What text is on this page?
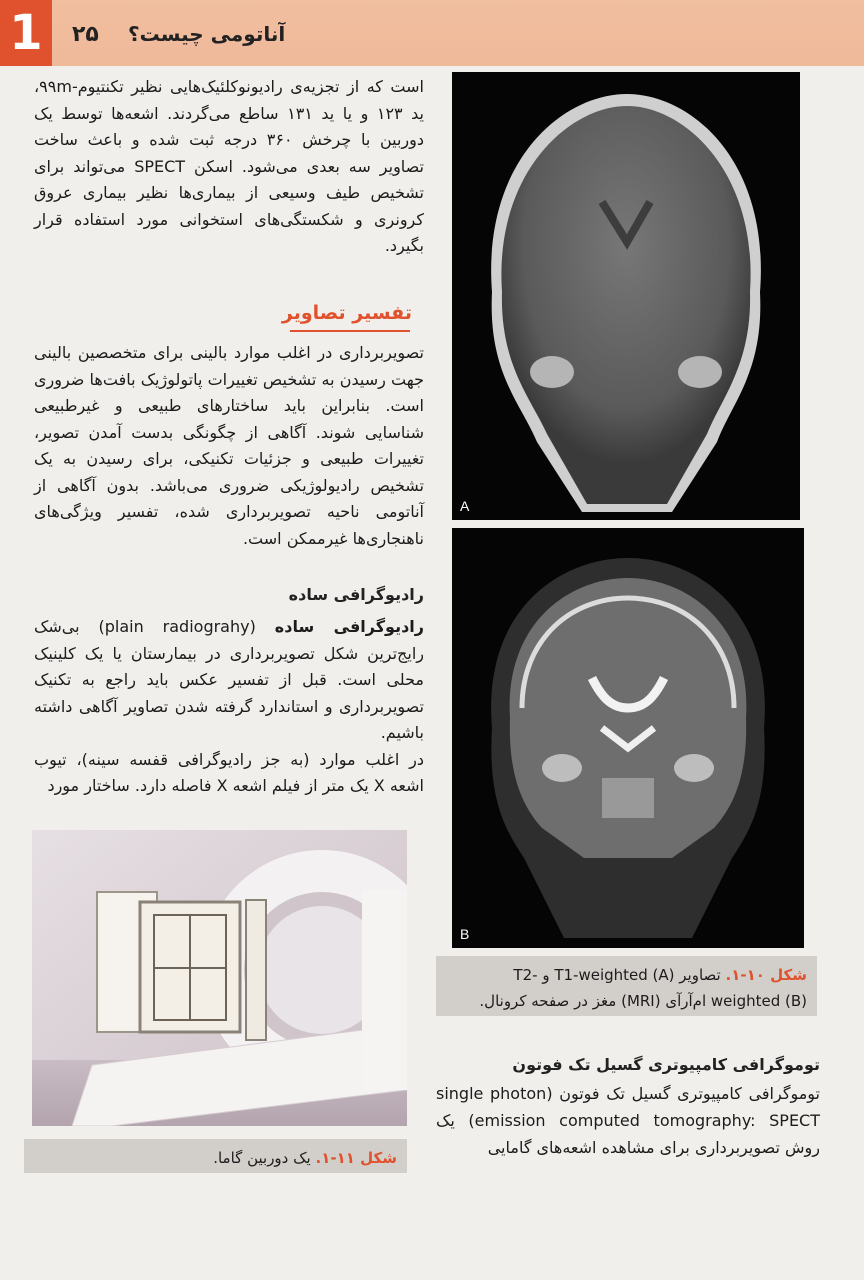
1	۲۵ آناتومی چیست؟

است که از تجزیه‌ی رادیونوکلئیک‌هایی نظیر تکنتیوم-۹۹m، ید ۱۲۳ و یا ید ۱۳۱ ساطع می‌گردند. اشعه‌ها توسط یک دوربین با چرخش ۳۶۰ درجه ثبت شده و باعث ساخت تصاویر سه بعدی می‌شود. اسکن SPECT می‌تواند برای تشخیص طیف وسیعی از بیماری‌ها نظیر بیماری عروق کرونری و شکستگی‌های استخوانی مورد استفاده قرار بگیرد.

تفسیر تصاویر

تصویربرداری در اغلب موارد بالینی برای متخصصین بالینی جهت رسیدن به تشخیص تغییرات پاتولوژیک بافت‌ها ضروری است. بنابراین باید ساختارهای طبیعی و غیرطبیعی شناسایی شوند. آگاهی از چگونگی بدست آمدن تصویر، تغییرات طبیعی و جزئیات تکنیکی، برای رسیدن به یک تشخیص رادیولوژیکی ضروری می‌باشد. بدون آگاهی از آناتومی ناحیه تصویربرداری شده، تفسیر ویژگی‌های ناهنجاری‌ها غیرممکن است.

رادیوگرافی ساده

رادیوگرافی ساده (plain radiograhy) بی‌شک رایج‌ترین شکل تصویربرداری در بیمارستان یا یک کلینیک محلی است. قبل از تفسیر عکس باید راجع به تکنیک تصویربرداری و استاندارد گرفته شدن تصاویر آگاهی داشته باشیم.

در اغلب موارد (به جز رادیوگرافی قفسه سینه)، تیوب اشعه X یک متر از فیلم اشعه X فاصله دارد. ساختار مورد

شکل ۱۱-۱. یک دوربین گاما.
A
B
شکل ۱۰-۱. تصاویر T1-weighted (A) و T2-weighted (B) ام‌آر‌آی (MRI) مغز در صفحه کرونال.
توموگرافی کامپیوتری گسیل تک فوتون

توموگرافی کامپیوتری گسیل تک فوتون (single photon emission computed tomography: SPECT) یک روش تصویربرداری برای مشاهده اشعه‌های گامایی
